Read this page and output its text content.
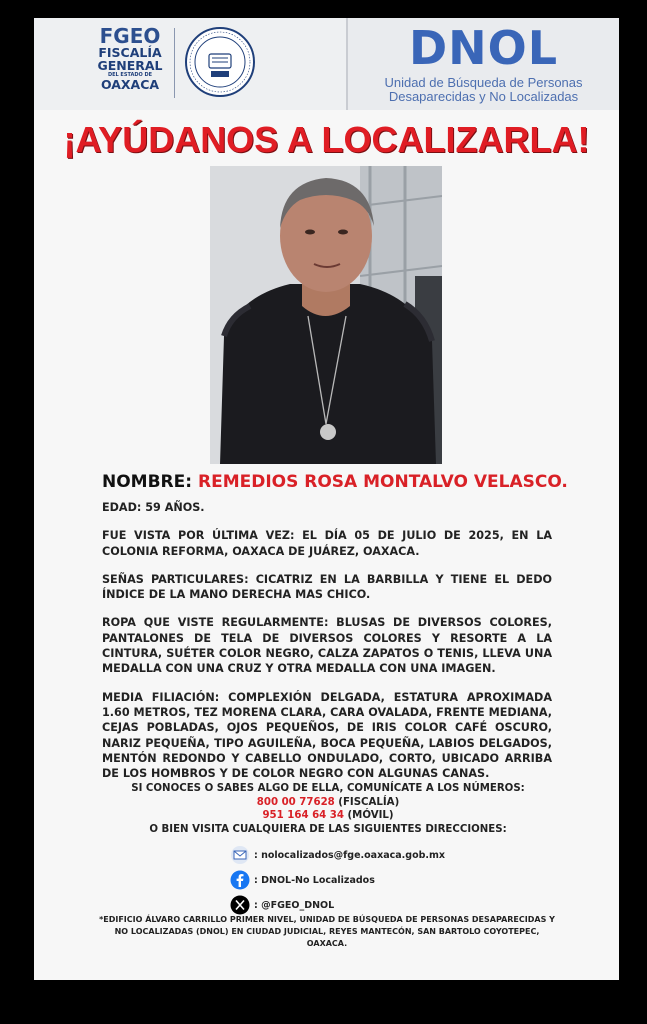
FGEO
FISCALÍA
GENERAL
DEL ESTADO DE
OAXACA
DNOL
Unidad de Búsqueda de Personas
Desaparecidas y No Localizadas
¡AYÚDANOS A LOCALIZARLA!
NOMBRE: REMEDIOS ROSA MONTALVO VELASCO.

EDAD: 59 AÑOS.

FUE VISTA POR ÚLTIMA VEZ: EL DÍA 05 DE JULIO DE 2025, EN LA COLONIA REFORMA, OAXACA DE JUÁREZ, OAXACA.

SEÑAS PARTICULARES: CICATRIZ EN LA BARBILLA Y TIENE EL DEDO ÍNDICE DE LA MANO DERECHA MAS CHICO.

ROPA QUE VISTE REGULARMENTE: BLUSAS DE DIVERSOS COLORES, PANTALONES DE TELA DE DIVERSOS COLORES Y RESORTE A LA CINTURA, SUÉTER COLOR NEGRO, CALZA ZAPATOS O TENIS, LLEVA UNA MEDALLA CON UNA CRUZ Y OTRA MEDALLA CON UNA IMAGEN.

MEDIA FILIACIÓN: COMPLEXIÓN DELGADA, ESTATURA APROXIMADA 1.60 METROS, TEZ MORENA CLARA, CARA OVALADA, FRENTE MEDIANA, CEJAS POBLADAS, OJOS PEQUEÑOS, DE IRIS COLOR CAFÉ OSCURO, NARIZ PEQUEÑA, TIPO AGUILEÑA, BOCA PEQUEÑA, LABIOS DELGADOS, MENTÓN REDONDO Y CABELLO ONDULADO, CORTO, UBICADO ARRIBA DE LOS HOMBROS Y DE COLOR NEGRO CON ALGUNAS CANAS.

SI CONOCES O SABES ALGO DE ELLA, COMUNÍCATE A LOS NÚMEROS:
800 00 77628 (FISCALÍA)
951 164 64 34 (MÓVIL)
O BIEN VISITA CUALQUIERA DE LAS SIGUIENTES DIRECCIONES:
: nolocalizados@fge.oaxaca.gob.mx
: DNOL-No Localizados
: @FGEO_DNOL
*EDIFICIO ÁLVARO CARRILLO PRIMER NIVEL, UNIDAD DE BÚSQUEDA DE PERSONAS DESAPARECIDAS Y NO LOCALIZADAS (DNOL) EN CIUDAD JUDICIAL, REYES MANTECÓN, SAN BARTOLO COYOTEPEC, OAXACA.
